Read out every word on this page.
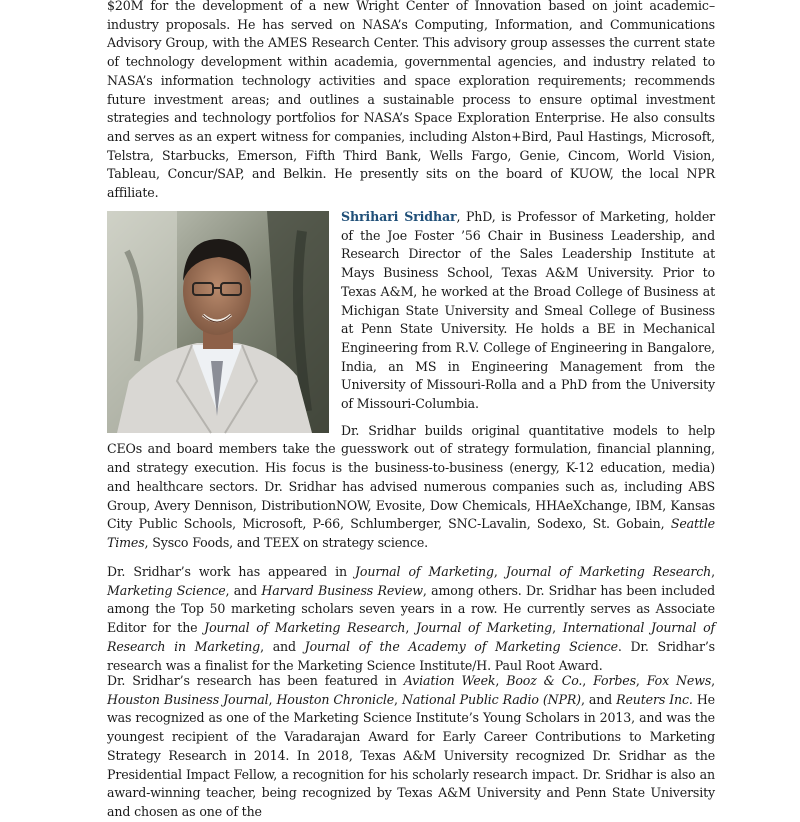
$20M for the development of a new Wright Center of Innovation based on joint academic–industry proposals. He has served on NASA’s Computing, Information, and Communications Advisory Group, with the AMES Research Center. This advisory group assesses the current state of technology development within academia, governmental agencies, and industry related to NASA’s information technology activities and space exploration requirements; recommends future investment areas; and outlines a sustainable process to ensure optimal investment strategies and technology portfolios for NASA’s Space Exploration Enterprise. He also consults and serves as an expert witness for companies, including Alston+Bird, Paul Hastings, Microsoft, Telstra, Starbucks, Emerson, Fifth Third Bank, Wells Fargo, Genie, Cincom, World Vision, Tableau, Concur/SAP, and Belkin. He presently sits on the board of KUOW, the local NPR affiliate.

Shrihari Sridhar, PhD, is Professor of Marketing, holder of the Joe Foster ’56 Chair in Business Leadership, and Research Director of the Sales Leadership Institute at Mays Business School, Texas A&M University. Prior to Texas A&M, he worked at the Broad College of Business at Michigan State University and Smeal College of Business at Penn State University. He holds a BE in Mechanical Engineering from R.V. College of Engineering in Bangalore, India, an MS in Engineering Management from the University of Missouri-Rolla and a PhD from the University of Missouri-Columbia.

Dr. Sridhar builds original quantitative models to help CEOs and board members take the guesswork out of strategy formulation, financial planning, and strategy execution. His focus is the business-to-business (energy, K-12 education, media) and healthcare sectors. Dr. Sridhar has advised numerous companies such as, including ABS Group, Avery Dennison, DistributionNOW, Evosite, Dow Chemicals, HHAeXchange, IBM, Kansas City Public Schools, Microsoft, P-66, Schlumberger, SNC-Lavalin, Sodexo, St. Gobain, Seattle Times, Sysco Foods, and TEEX on strategy science.

Dr. Sridhar’s work has appeared in Journal of Marketing, Journal of Marketing Research, Marketing Science, and Harvard Business Review, among others. Dr. Sridhar has been included among the Top 50 marketing scholars seven years in a row. He currently serves as Associate Editor for the Journal of Marketing Research, Journal of Marketing, International Journal of Research in Marketing, and Journal of the Academy of Marketing Science. Dr. Sridhar’s research was a finalist for the Marketing Science Institute/H. Paul Root Award.

Dr. Sridhar’s research has been featured in Aviation Week, Booz & Co., Forbes, Fox News, Houston Business Journal, Houston Chronicle, National Public Radio (NPR), and Reuters Inc. He was recognized as one of the Marketing Science Institute’s Young Scholars in 2013, and was the youngest recipient of the Varadarajan Award for Early Career Contributions to Marketing Strategy Research in 2014. In 2018, Texas A&M University recognized Dr. Sridhar as the Presidential Impact Fellow, a recognition for his scholarly research impact. Dr. Sridhar is also an award-winning teacher, being recognized by Texas A&M University and Penn State University and chosen as one of the
